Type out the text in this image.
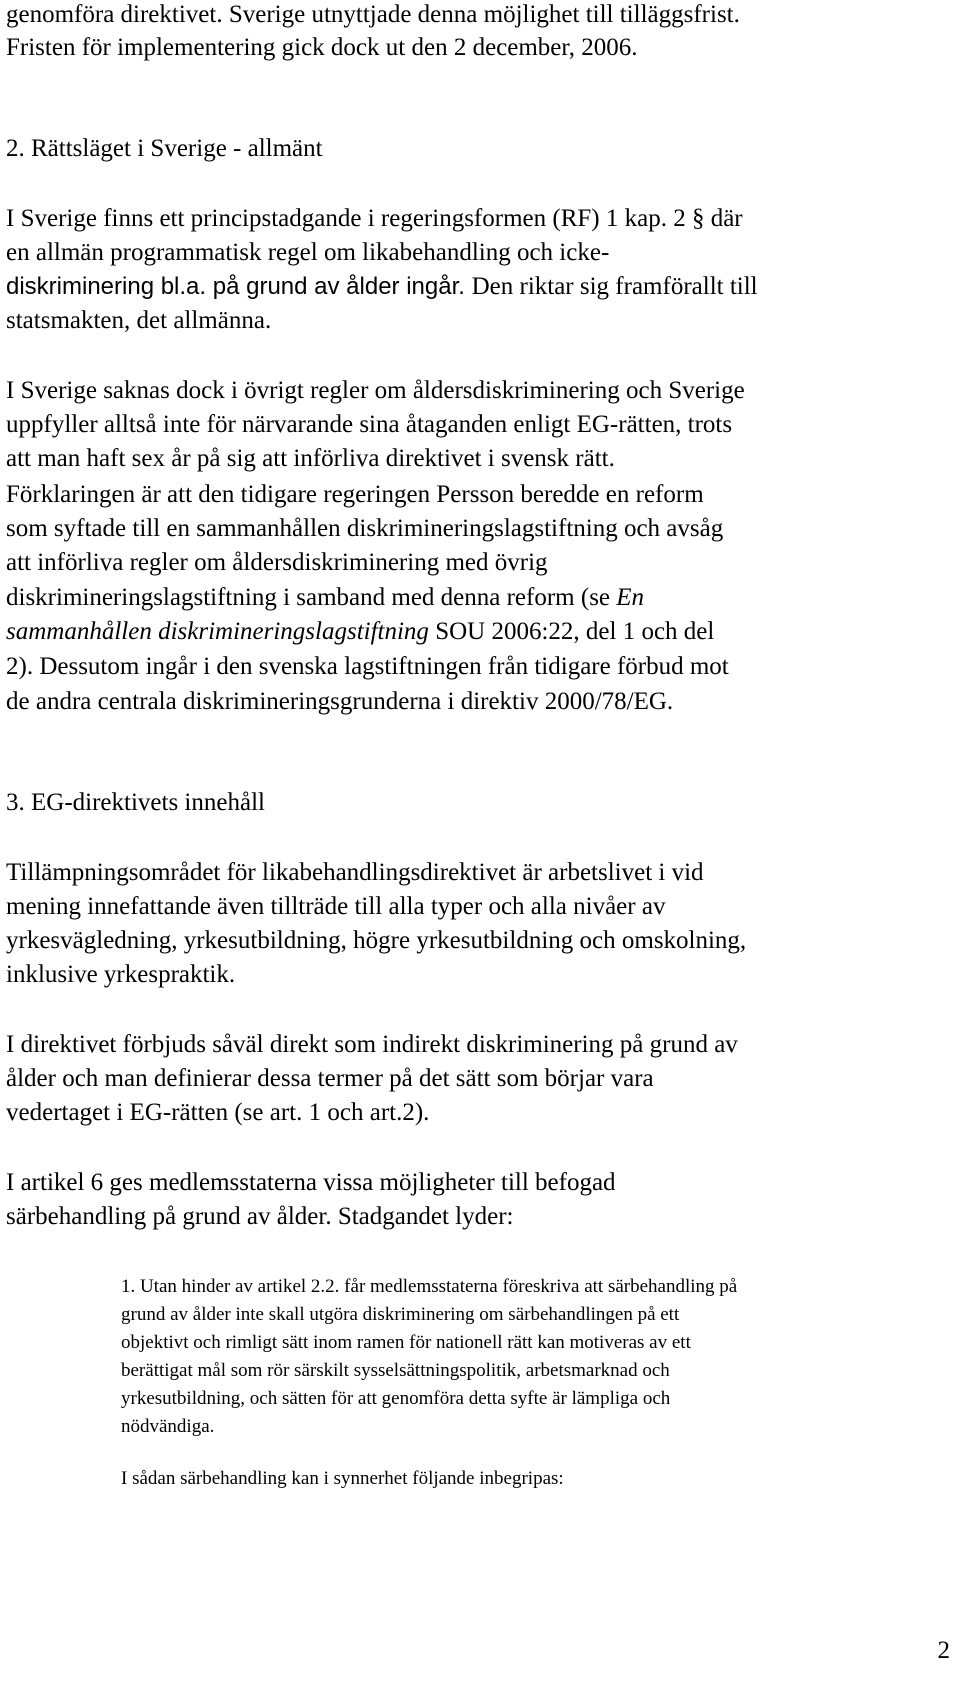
genomföra direktivet. Sverige utnyttjade denna möjlighet till tilläggsfrist.
Fristen för implementering gick dock ut den 2 december, 2006.
2. Rättsläget i Sverige - allmänt
I Sverige finns ett principstadgande i regeringsformen (RF) 1 kap. 2 § där
en allmän programmatisk regel om likabehandling och icke-
diskriminering bl.a. på grund av ålder ingår. Den riktar sig framförallt till
statsmakten, det allmänna.
I Sverige saknas dock i övrigt regler om åldersdiskriminering och Sverige
uppfyller alltså inte för närvarande sina åtaganden enligt EG-rätten, trots
att man haft sex år på sig att införliva direktivet i svensk rätt.
Förklaringen är att den tidigare regeringen Persson beredde en reform
som syftade till en sammanhållen diskrimineringslagstiftning och avsåg
att införliva regler om åldersdiskriminering med övrig
diskrimineringslagstiftning i samband med denna reform (se En
sammanhållen diskrimineringslagstiftning SOU 2006:22, del 1 och del
2). Dessutom ingår i den svenska lagstiftningen från tidigare förbud mot
de andra centrala diskrimineringsgrunderna i direktiv 2000/78/EG.
3. EG-direktivets innehåll
Tillämpningsområdet för likabehandlingsdirektivet är arbetslivet i vid
mening innefattande även tillträde till alla typer och alla nivåer av
yrkesvägledning, yrkesutbildning, högre yrkesutbildning och omskolning,
inklusive yrkespraktik.
I direktivet förbjuds såväl direkt som indirekt diskriminering på grund av
ålder och man definierar dessa termer på det sätt som börjar vara
vedertaget i EG-rätten (se art. 1 och art.2).
I artikel 6 ges medlemsstaterna vissa möjligheter till befogad
särbehandling på grund av ålder. Stadgandet lyder:
1. Utan hinder av artikel 2.2. får medlemsstaterna föreskriva att särbehandling på
grund av ålder inte skall utgöra diskriminering om särbehandlingen på ett
objektivt och rimligt sätt inom ramen för nationell rätt kan motiveras av ett
berättigat mål som rör särskilt sysselsättningspolitik, arbetsmarknad och
yrkesutbildning, och sätten för att genomföra detta syfte är lämpliga och
nödvändiga.
I sådan särbehandling kan i synnerhet följande inbegripas:
2
